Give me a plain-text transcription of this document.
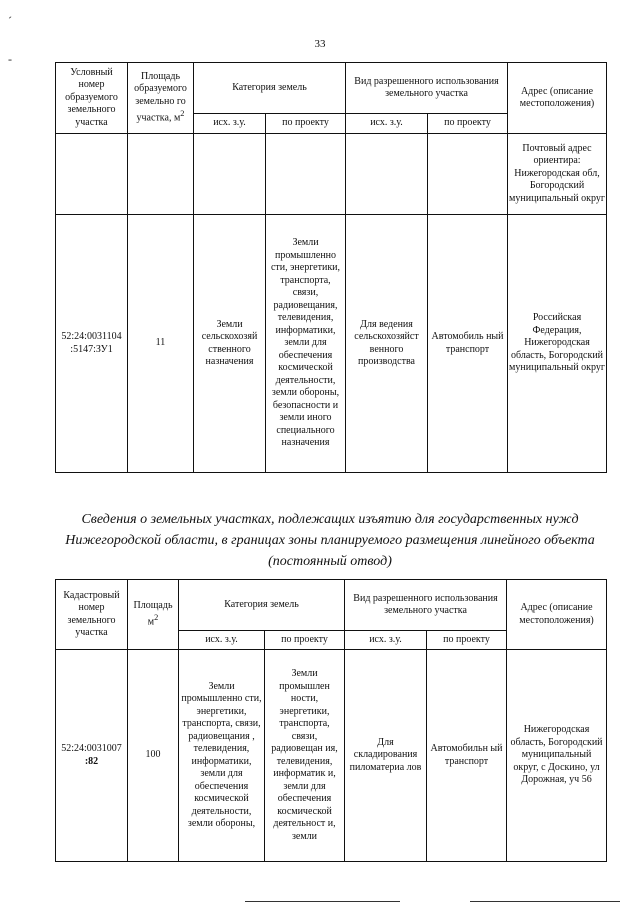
ˊ
-
33
Условный номер образуемого земельного участка	Площадь образуемого земельно го участка, $м^2$	Категория земель		Вид разрешенного использования земельного участка		Адрес (описание местоположения)
		исх. з.у.	по проекту	исх. з.у.	по проекту	
						Почтовый адрес ориентира: Нижегородская обл, Богородский муниципальный округ
52:24:0031104 :5147:ЗУ1	11	Земли сельскохозяй ственного назначения	Земли промышленно сти, энергетики, транспорта, связи, радиовещания, телевидения, информатики, земли для обеспечения космической деятельности, земли обороны, безопасности и земли иного специального назначения	Для ведения сельскохозяйст венного производства	Автомобиль ный транспорт	Российская Федерация, Нижегородская область, Богородский муниципальный округ
Сведения о земельных участках, подлежащих изъятию для государственных нужд Нижегородской области, в границах зоны планируемого размещения линейного объекта (постоянный отвод)
Кадастровый номер земельного участка	Площадь $м^2$	Категория земель		Вид разрешенного использования земельного участка		Адрес (описание местоположения)
		исх. з.у.	по проекту	исх. з.у.	по проекту	
52:24:0031007
:82	100	Земли промышленно сти, энергетики, транспорта, связи, радиовещания , телевидения, информатики, земли для обеспечения космической деятельности, земли обороны,	Земли промышлен ности, энергетики, транспорта, связи, радиовещан ия, телевидения, информатик и, земли для обеспечения космической деятельност и, земли	Для складирования пиломатериа лов	Автомобильн ый транспорт	Нижегородская область, Богородский муниципальный округ, с Доскино, ул Дорожная, уч 56
